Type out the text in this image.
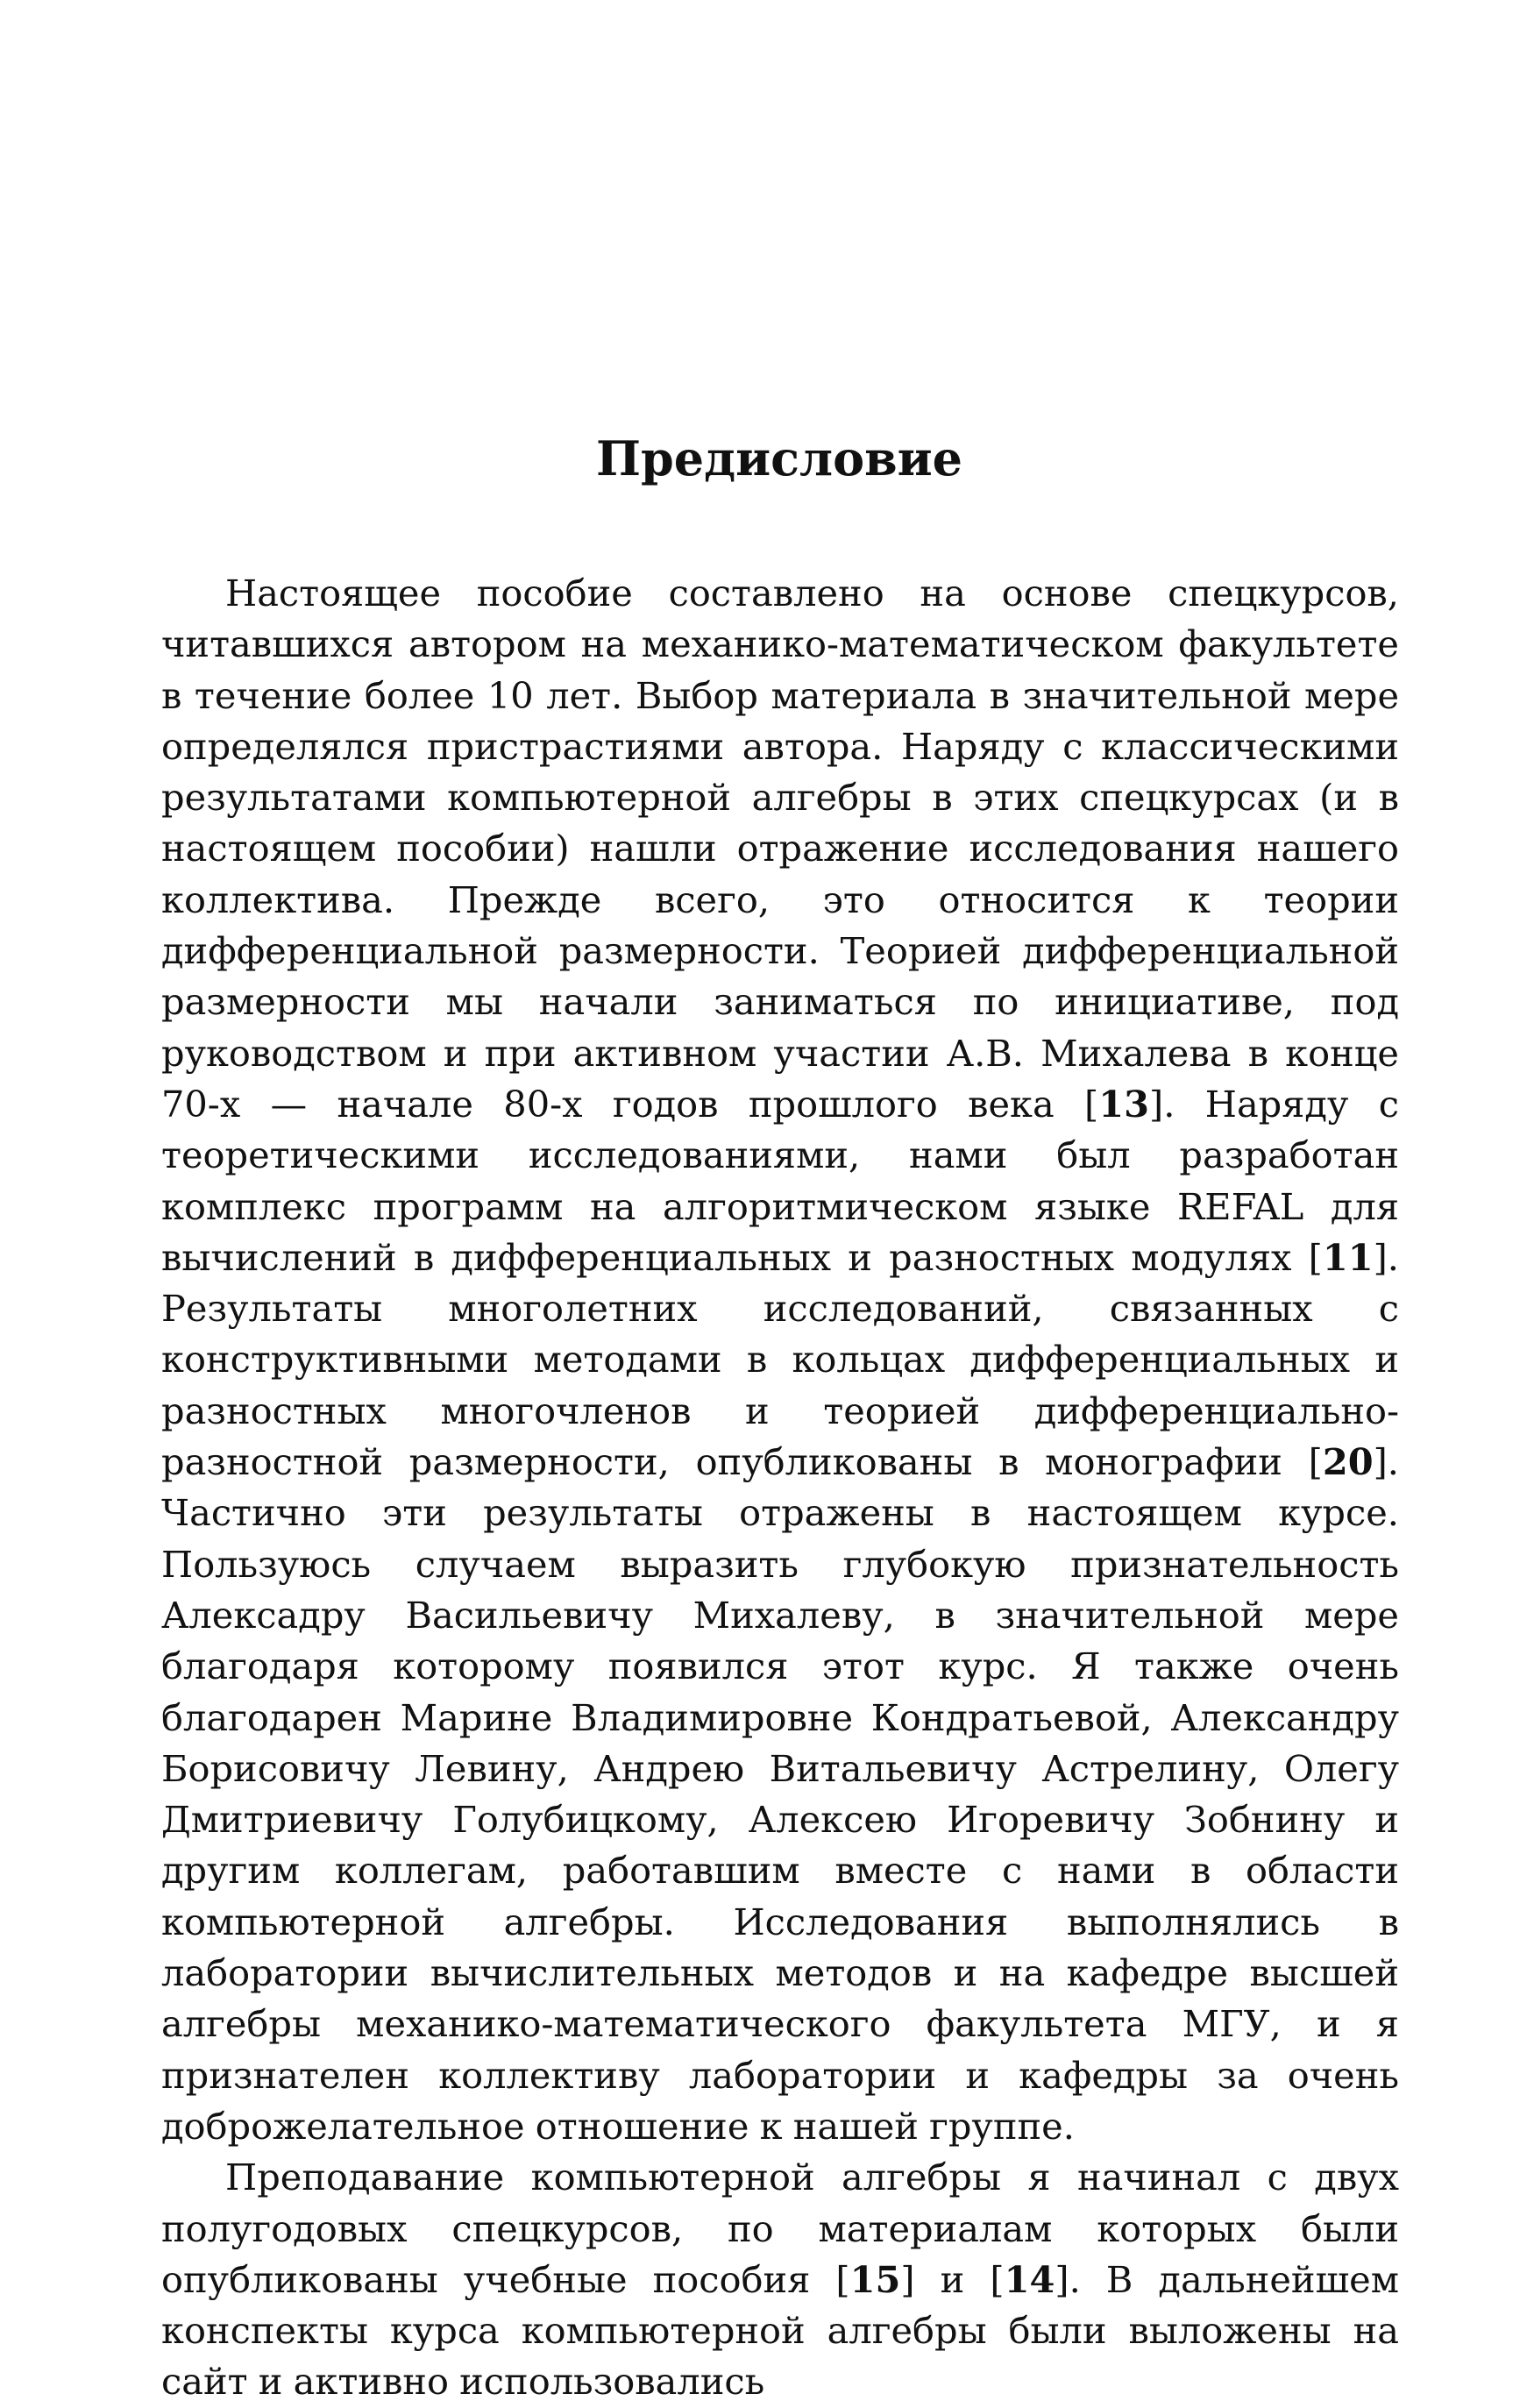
Предисловие

Настоящее пособие составлено на основе спецкурсов, читавшихся автором на механико-математическом факультете в течение более 10 лет. Выбор материала в значительной мере определялся пристрастиями автора. Наряду с классическими результатами компьютерной алгебры в этих спецкурсах (и в настоящем пособии) нашли отражение исследования нашего коллектива. Прежде всего, это относится к теории дифференциальной размерности. Теорией дифференциальной размерности мы начали заниматься по инициативе, под руководством и при активном участии А.В. Михалева в конце 70-х — начале 80-х годов прошлого века [13]. Наряду с теоретическими исследованиями, нами был разработан комплекс программ на алгоритмическом языке REFAL для вычислений в дифференциальных и разностных модулях [11]. Результаты многолетних исследований, связанных с конструктивными методами в кольцах дифференциальных и разностных многочленов и теорией дифференциально-разностной размерности, опубликованы в монографии [20]. Частично эти результаты отражены в настоящем курсе. Пользуюсь случаем выразить глубокую признательность Алексадру Васильевичу Михалеву, в значительной мере благодаря которому появился этот курс. Я также очень благодарен Марине Владимировне Кондратьевой, Александру Борисовичу Левину, Андрею Витальевичу Астрелину, Олегу Дмитриевичу Голубицкому, Алексею Игоревичу Зобнину и другим коллегам, работавшим вместе с нами в области компьютерной алгебры. Исследования выполнялись в лаборатории вычислительных методов и на кафедре высшей алгебры механико-математического факультета МГУ, и я признателен коллективу лаборатории и кафедры за очень доброжелательное отношение к нашей группе.

Преподавание компьютерной алгебры я начинал с двух полугодовых спецкурсов, по материалам которых были опубликованы учебные пособия [15] и [14]. В дальнейшем конспекты курса компьютерной алгебры были выложены на сайт и активно использовались
